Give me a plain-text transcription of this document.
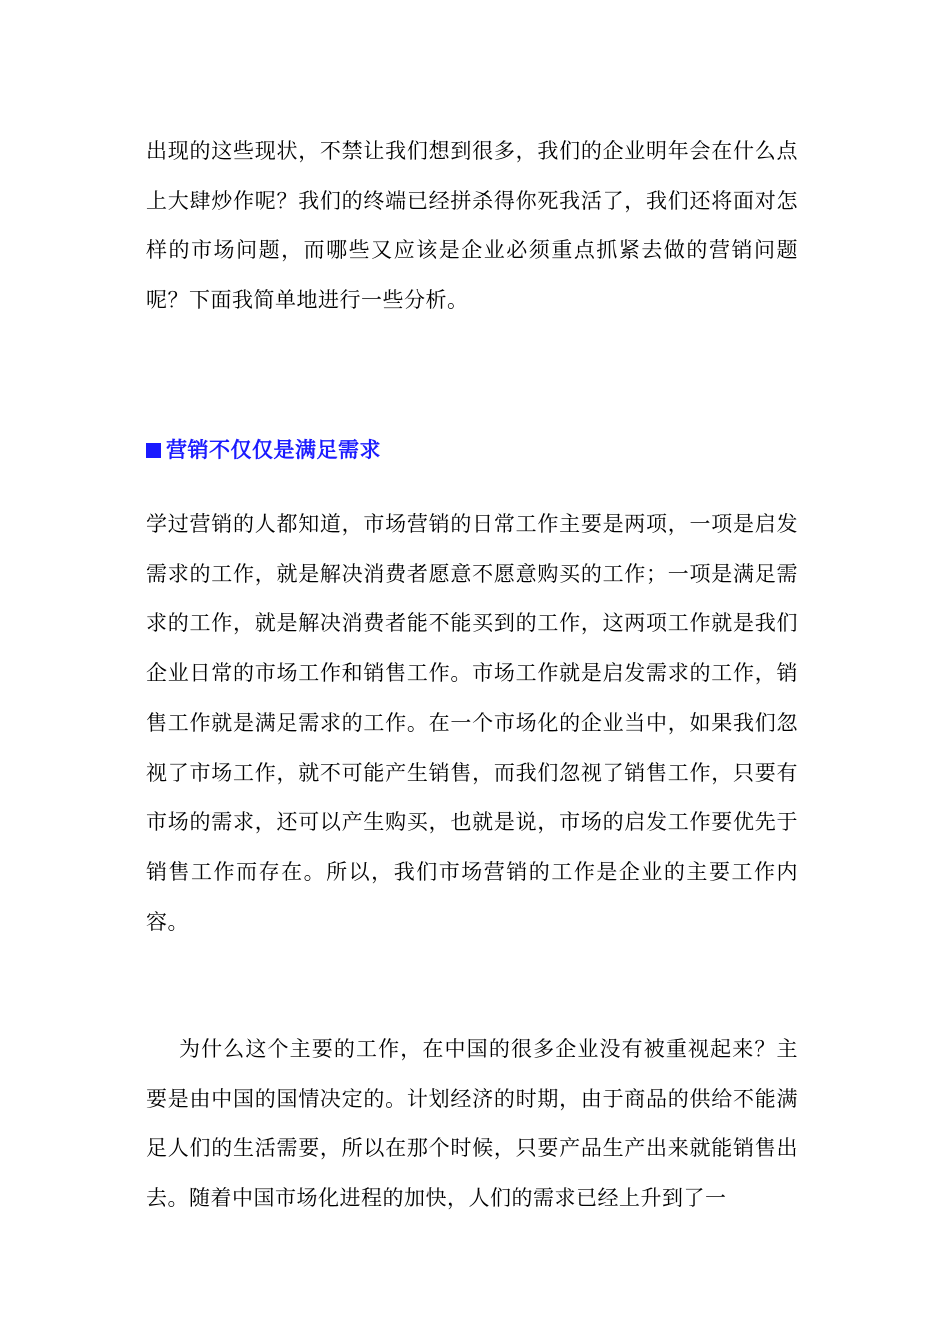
出现的这些现状，不禁让我们想到很多，我们的企业明年会在什么点上大肆炒作呢？我们的终端已经拼杀得你死我活了，我们还将面对怎样的市场问题，而哪些又应该是企业必须重点抓紧去做的营销问题呢？下面我简单地进行一些分析。

营销不仅仅是满足需求

学过营销的人都知道，市场营销的日常工作主要是两项，一项是启发需求的工作，就是解决消费者愿意不愿意购买的工作；一项是满足需求的工作，就是解决消费者能不能买到的工作，这两项工作就是我们企业日常的市场工作和销售工作。市场工作就是启发需求的工作，销售工作就是满足需求的工作。在一个市场化的企业当中，如果我们忽视了市场工作，就不可能产生销售，而我们忽视了销售工作，只要有市场的需求，还可以产生购买，也就是说，市场的启发工作要优先于销售工作而存在。所以，我们市场营销的工作是企业的主要工作内容。

为什么这个主要的工作，在中国的很多企业没有被重视起来？主要是由中国的国情决定的。计划经济的时期，由于商品的供给不能满足人们的生活需要，所以在那个时候，只要产品生产出来就能销售出去。随着中国市场化进程的加快，人们的需求已经上升到了一
